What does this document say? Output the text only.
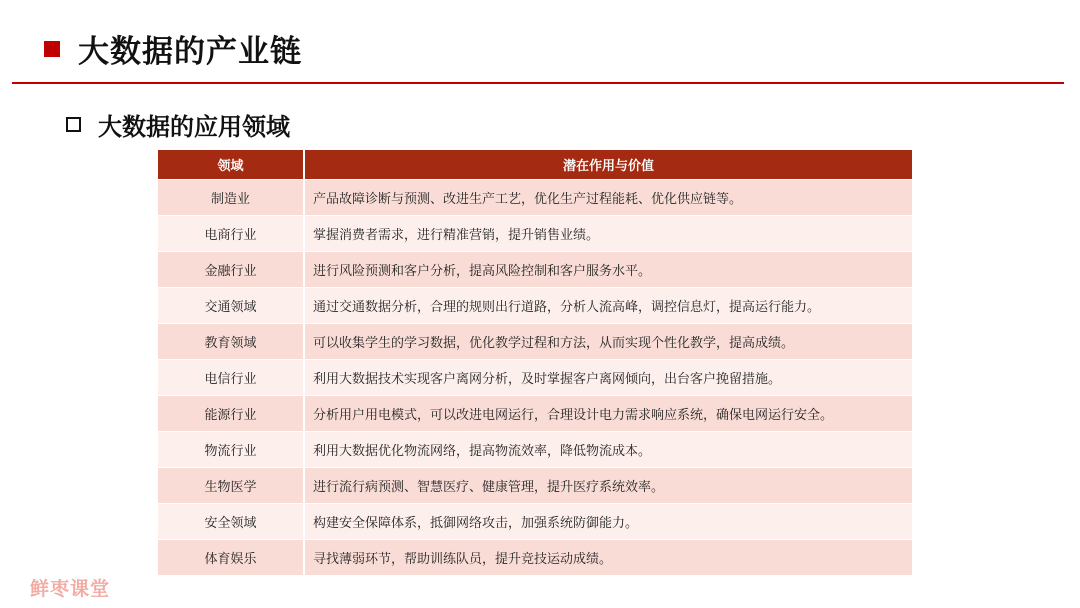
大数据的产业链
大数据的应用领域
领域	潜在作用与价值
制造业	产品故障诊断与预测、改进生产工艺，优化生产过程能耗、优化供应链等。
电商行业	掌握消费者需求，进行精准营销，提升销售业绩。
金融行业	进行风险预测和客户分析，提高风险控制和客户服务水平。
交通领域	通过交通数据分析，合理的规则出行道路，分析人流高峰，调控信息灯，提高运行能力。
教育领域	可以收集学生的学习数据，优化教学过程和方法，从而实现个性化教学，提高成绩。
电信行业	利用大数据技术实现客户离网分析，及时掌握客户离网倾向，出台客户挽留措施。
能源行业	分析用户用电模式，可以改进电网运行，合理设计电力需求响应系统，确保电网运行安全。
物流行业	利用大数据优化物流网络，提高物流效率，降低物流成本。
生物医学	进行流行病预测、智慧医疗、健康管理，提升医疗系统效率。
安全领域	构建安全保障体系，抵御网络攻击，加强系统防御能力。
体育娱乐	寻找薄弱环节，帮助训练队员，提升竞技运动成绩。
鲜枣课堂
